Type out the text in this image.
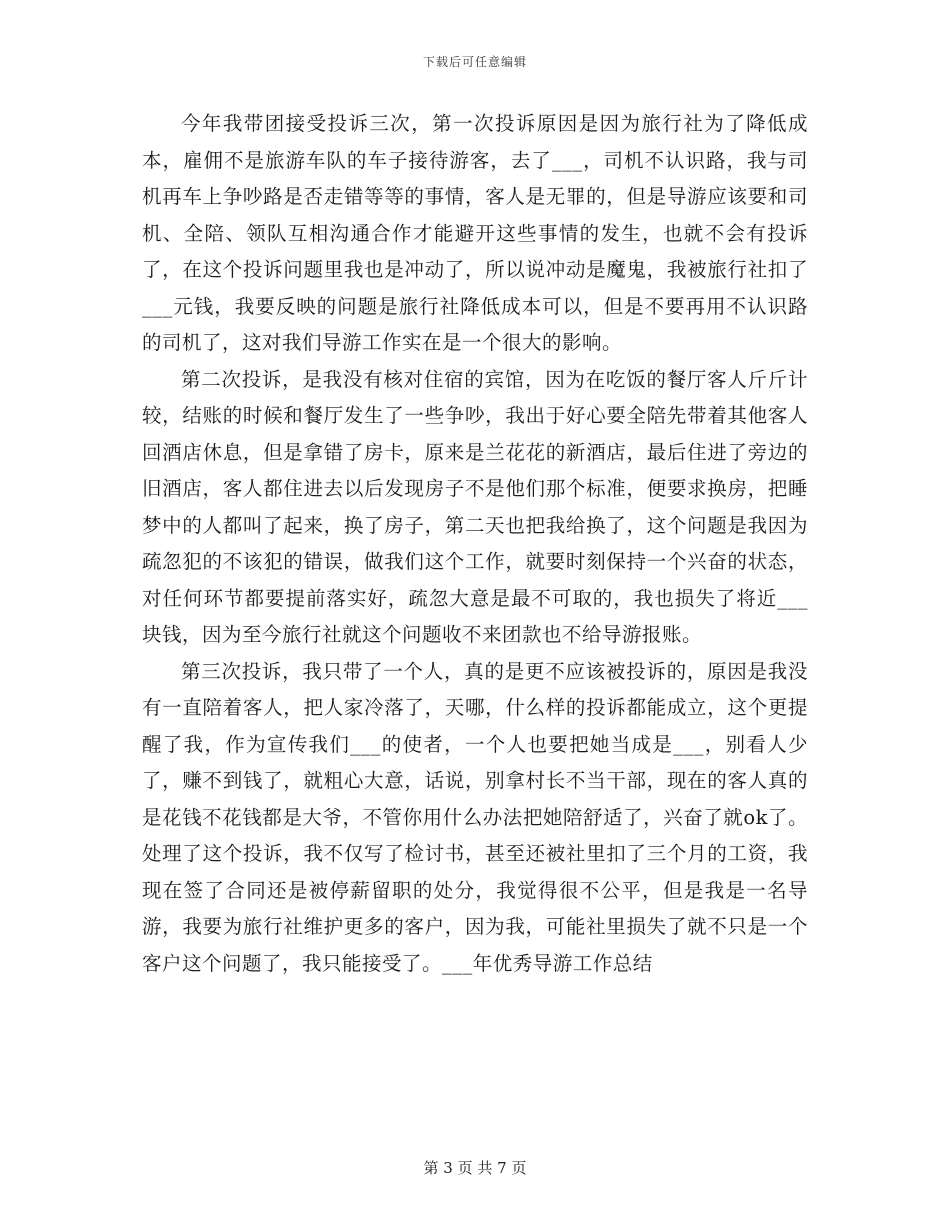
下载后可任意编辑

今年我带团接受投诉三次，第一次投诉原因是因为旅行社为了降低成本，雇佣不是旅游车队的车子接待游客，去了___，司机不认识路，我与司机再车上争吵路是否走错等等的事情，客人是无罪的，但是导游应该要和司机、全陪、领队互相沟通合作才能避开这些事情的发生，也就不会有投诉了，在这个投诉问题里我也是冲动了，所以说冲动是魔鬼，我被旅行社扣了___元钱，我要反映的问题是旅行社降低成本可以，但是不要再用不认识路的司机了，这对我们导游工作实在是一个很大的影响。

第二次投诉，是我没有核对住宿的宾馆，因为在吃饭的餐厅客人斤斤计较，结账的时候和餐厅发生了一些争吵，我出于好心要全陪先带着其他客人回酒店休息，但是拿错了房卡，原来是兰花花的新酒店，最后住进了旁边的旧酒店，客人都住进去以后发现房子不是他们那个标准，便要求换房，把睡梦中的人都叫了起来，换了房子，第二天也把我给换了，这个问题是我因为疏忽犯的不该犯的错误，做我们这个工作，就要时刻保持一个兴奋的状态，对任何环节都要提前落实好，疏忽大意是最不可取的，我也损失了将近___块钱，因为至今旅行社就这个问题收不来团款也不给导游报账。

第三次投诉，我只带了一个人，真的是更不应该被投诉的，原因是我没有一直陪着客人，把人家冷落了，天哪，什么样的投诉都能成立，这个更提醒了我，作为宣传我们___的使者，一个人也要把她当成是___，别看人少了，赚不到钱了，就粗心大意，话说，别拿村长不当干部，现在的客人真的是花钱不花钱都是大爷，不管你用什么办法把她陪舒适了，兴奋了就ok了。处理了这个投诉，我不仅写了检讨书，甚至还被社里扣了三个月的工资，我现在签了合同还是被停薪留职的处分，我觉得很不公平，但是我是一名导游，我要为旅行社维护更多的客户，因为我，可能社里损失了就不只是一个客户这个问题了，我只能接受了。___年优秀导游工作总结

第 3 页 共 7 页
